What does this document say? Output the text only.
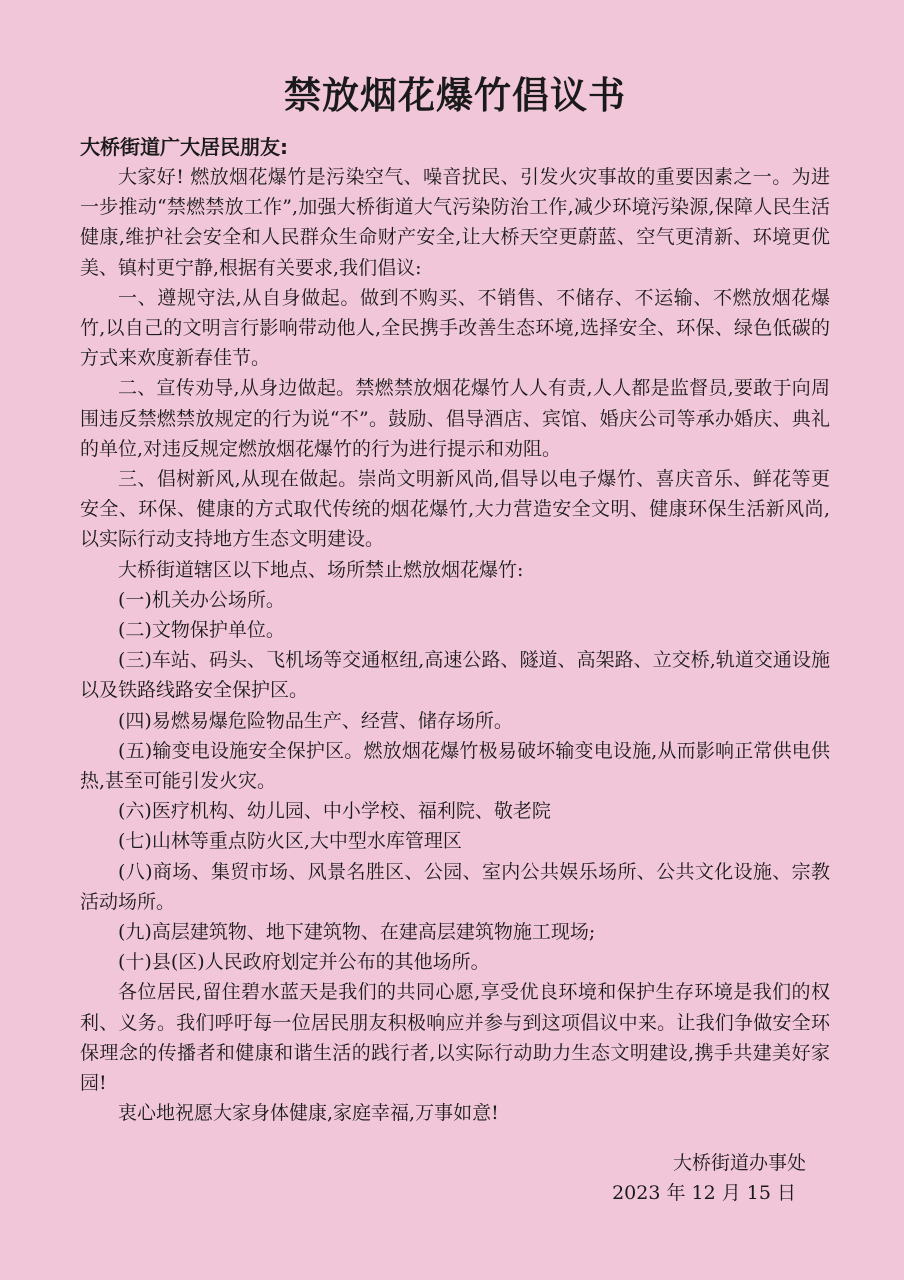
禁放烟花爆竹倡议书

大桥街道广大居民朋友:

大家好! 燃放烟花爆竹是污染空气、噪音扰民、引发火灾事故的重要因素之一。为进一步推动“禁燃禁放工作”,加强大桥街道大气污染防治工作,减少环境污染源,保障人民生活健康,维护社会安全和人民群众生命财产安全,让大桥天空更蔚蓝、空气更清新、环境更优美、镇村更宁静,根据有关要求,我们倡议:

一、遵规守法,从自身做起。做到不购买、不销售、不储存、不运输、不燃放烟花爆竹,以自己的文明言行影响带动他人,全民携手改善生态环境,选择安全、环保、绿色低碳的方式来欢度新春佳节。

二、宣传劝导,从身边做起。禁燃禁放烟花爆竹人人有责,人人都是监督员,要敢于向周围违反禁燃禁放规定的行为说“不”。鼓励、倡导酒店、宾馆、婚庆公司等承办婚庆、典礼的单位,对违反规定燃放烟花爆竹的行为进行提示和劝阻。

三、倡树新风,从现在做起。崇尚文明新风尚,倡导以电子爆竹、喜庆音乐、鲜花等更安全、环保、健康的方式取代传统的烟花爆竹,大力营造安全文明、健康环保生活新风尚,以实际行动支持地方生态文明建设。

大桥街道辖区以下地点、场所禁止燃放烟花爆竹:

(一)机关办公场所。

(二)文物保护单位。

(三)车站、码头、飞机场等交通枢纽,高速公路、隧道、高架路、立交桥,轨道交通设施以及铁路线路安全保护区。

(四)易燃易爆危险物品生产、经营、储存场所。

(五)输变电设施安全保护区。燃放烟花爆竹极易破坏输变电设施,从而影响正常供电供热,甚至可能引发火灾。

(六)医疗机构、幼儿园、中小学校、福利院、敬老院

(七)山林等重点防火区,大中型水库管理区

(八)商场、集贸市场、风景名胜区、公园、室内公共娱乐场所、公共文化设施、宗教活动场所。

(九)高层建筑物、地下建筑物、在建高层建筑物施工现场;

(十)县(区)人民政府划定并公布的其他场所。

各位居民,留住碧水蓝天是我们的共同心愿,享受优良环境和保护生存环境是我们的权利、义务。我们呼吁每一位居民朋友积极响应并参与到这项倡议中来。让我们争做安全环保理念的传播者和健康和谐生活的践行者,以实际行动助力生态文明建设,携手共建美好家园!

衷心地祝愿大家身体健康,家庭幸福,万事如意!

大桥街道办事处
2023 年 12 月 15 日
